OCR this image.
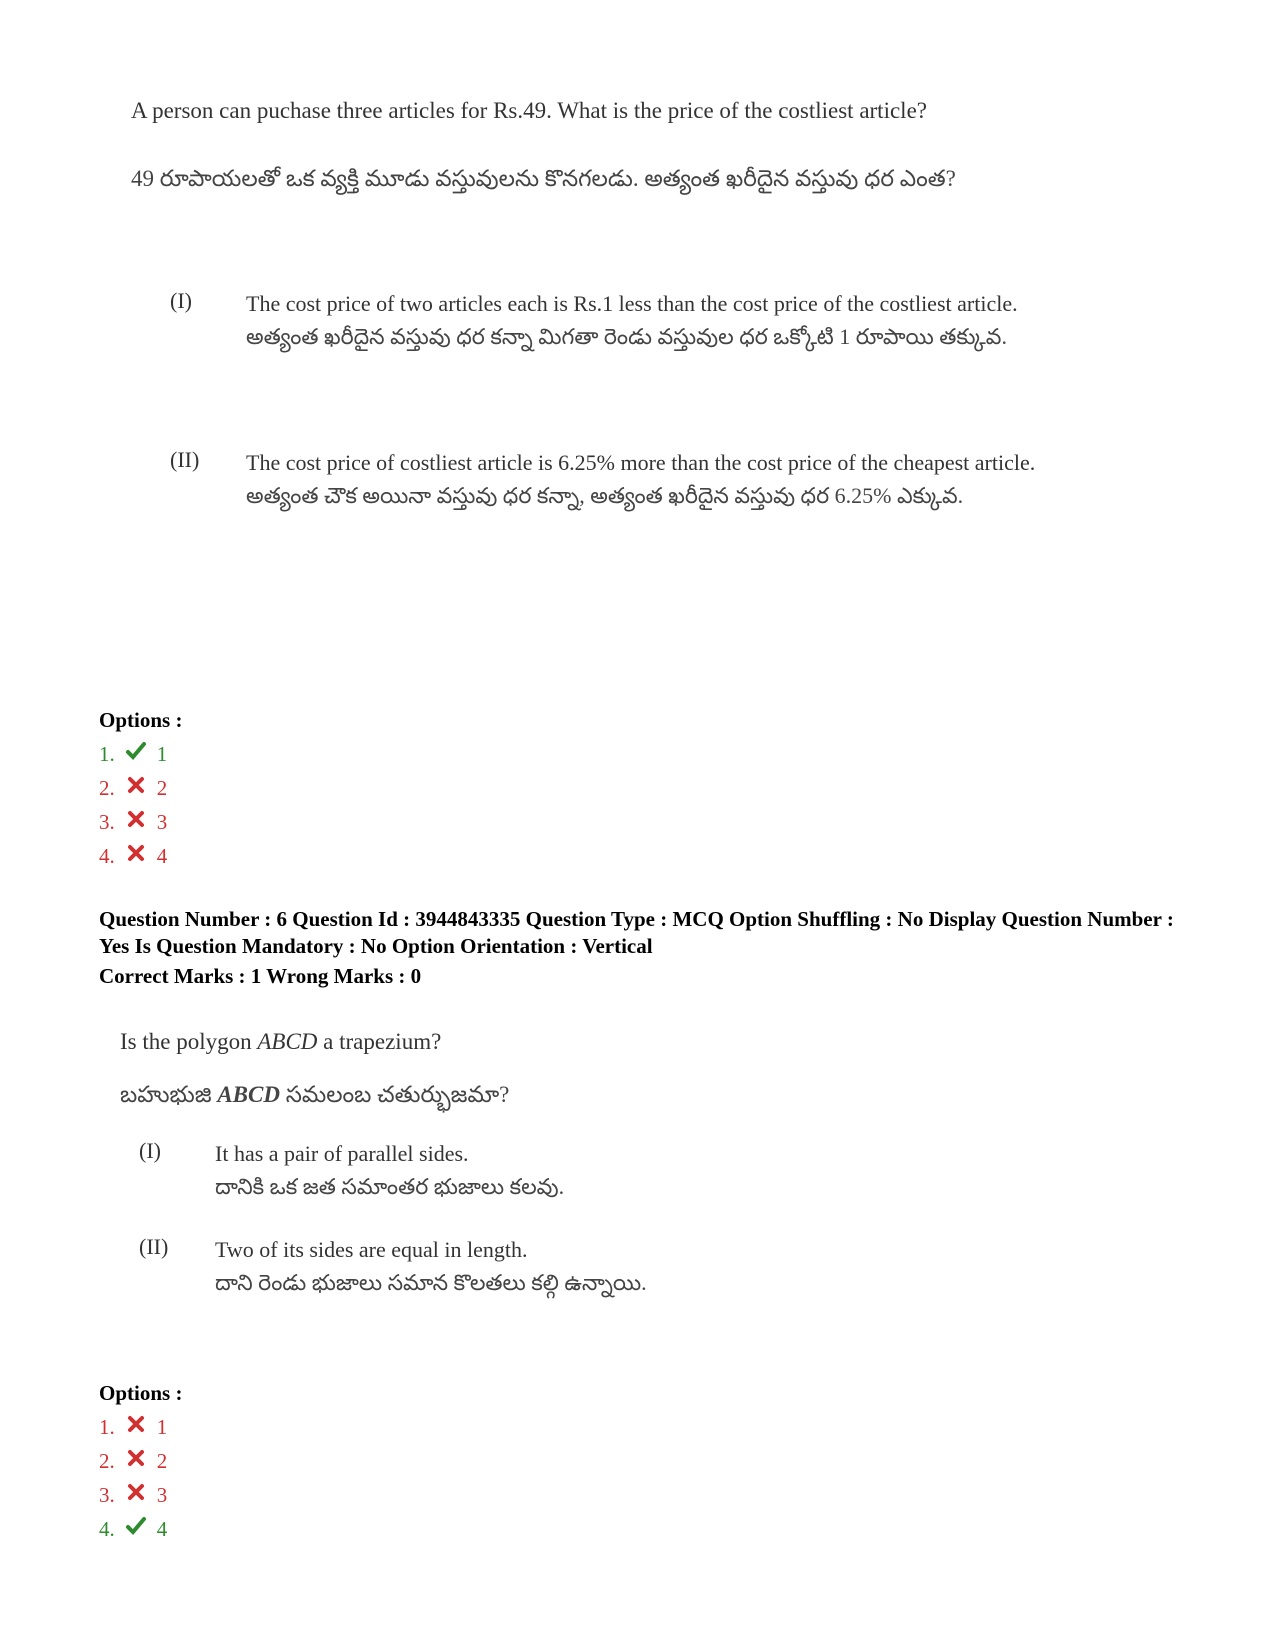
A person can puchase three articles for Rs.49. What is the price of the costliest article?
49 రూపాయలతో ఒక వ్యక్తి మూడు వస్తువులను కొనగలడు. అత్యంత ఖరీదైన వస్తువు ధర ఎంత?
(I)	The cost price of two articles each is Rs.1 less than the cost price of the costliest article.
అత్యంత ఖరీదైన వస్తువు ధర కన్నా మిగతా రెండు వస్తువుల ధర ఒక్కోటి 1 రూపాయి తక్కువ.
(II)	The cost price of costliest article is 6.25% more than the cost price of the cheapest article.
అత్యంత చౌక అయినా వస్తువు ధర కన్నా, అత్యంత ఖరీదైన వస్తువు ధర 6.25% ఎక్కువ.
Options :
1. 1
2. 2
3. 3
4. 4
Question Number : 6 Question Id : 3944843335 Question Type : MCQ Option Shuffling : No Display Question Number : Yes Is Question Mandatory : No Option Orientation : Vertical
Correct Marks : 1 Wrong Marks : 0
Is the polygon ABCD a trapezium?
బహుభుజి ABCD సమలంబ చతుర్భుజమా?
(I)	It has a pair of parallel sides.
దానికి ఒక జత సమాంతర భుజాలు కలవు.
(II)	Two of its sides are equal in length.
దాని రెండు భుజాలు సమాన కొలతలు కల్గి ఉన్నాయి.
Options :
1. 1
2. 2
3. 3
4. 4
